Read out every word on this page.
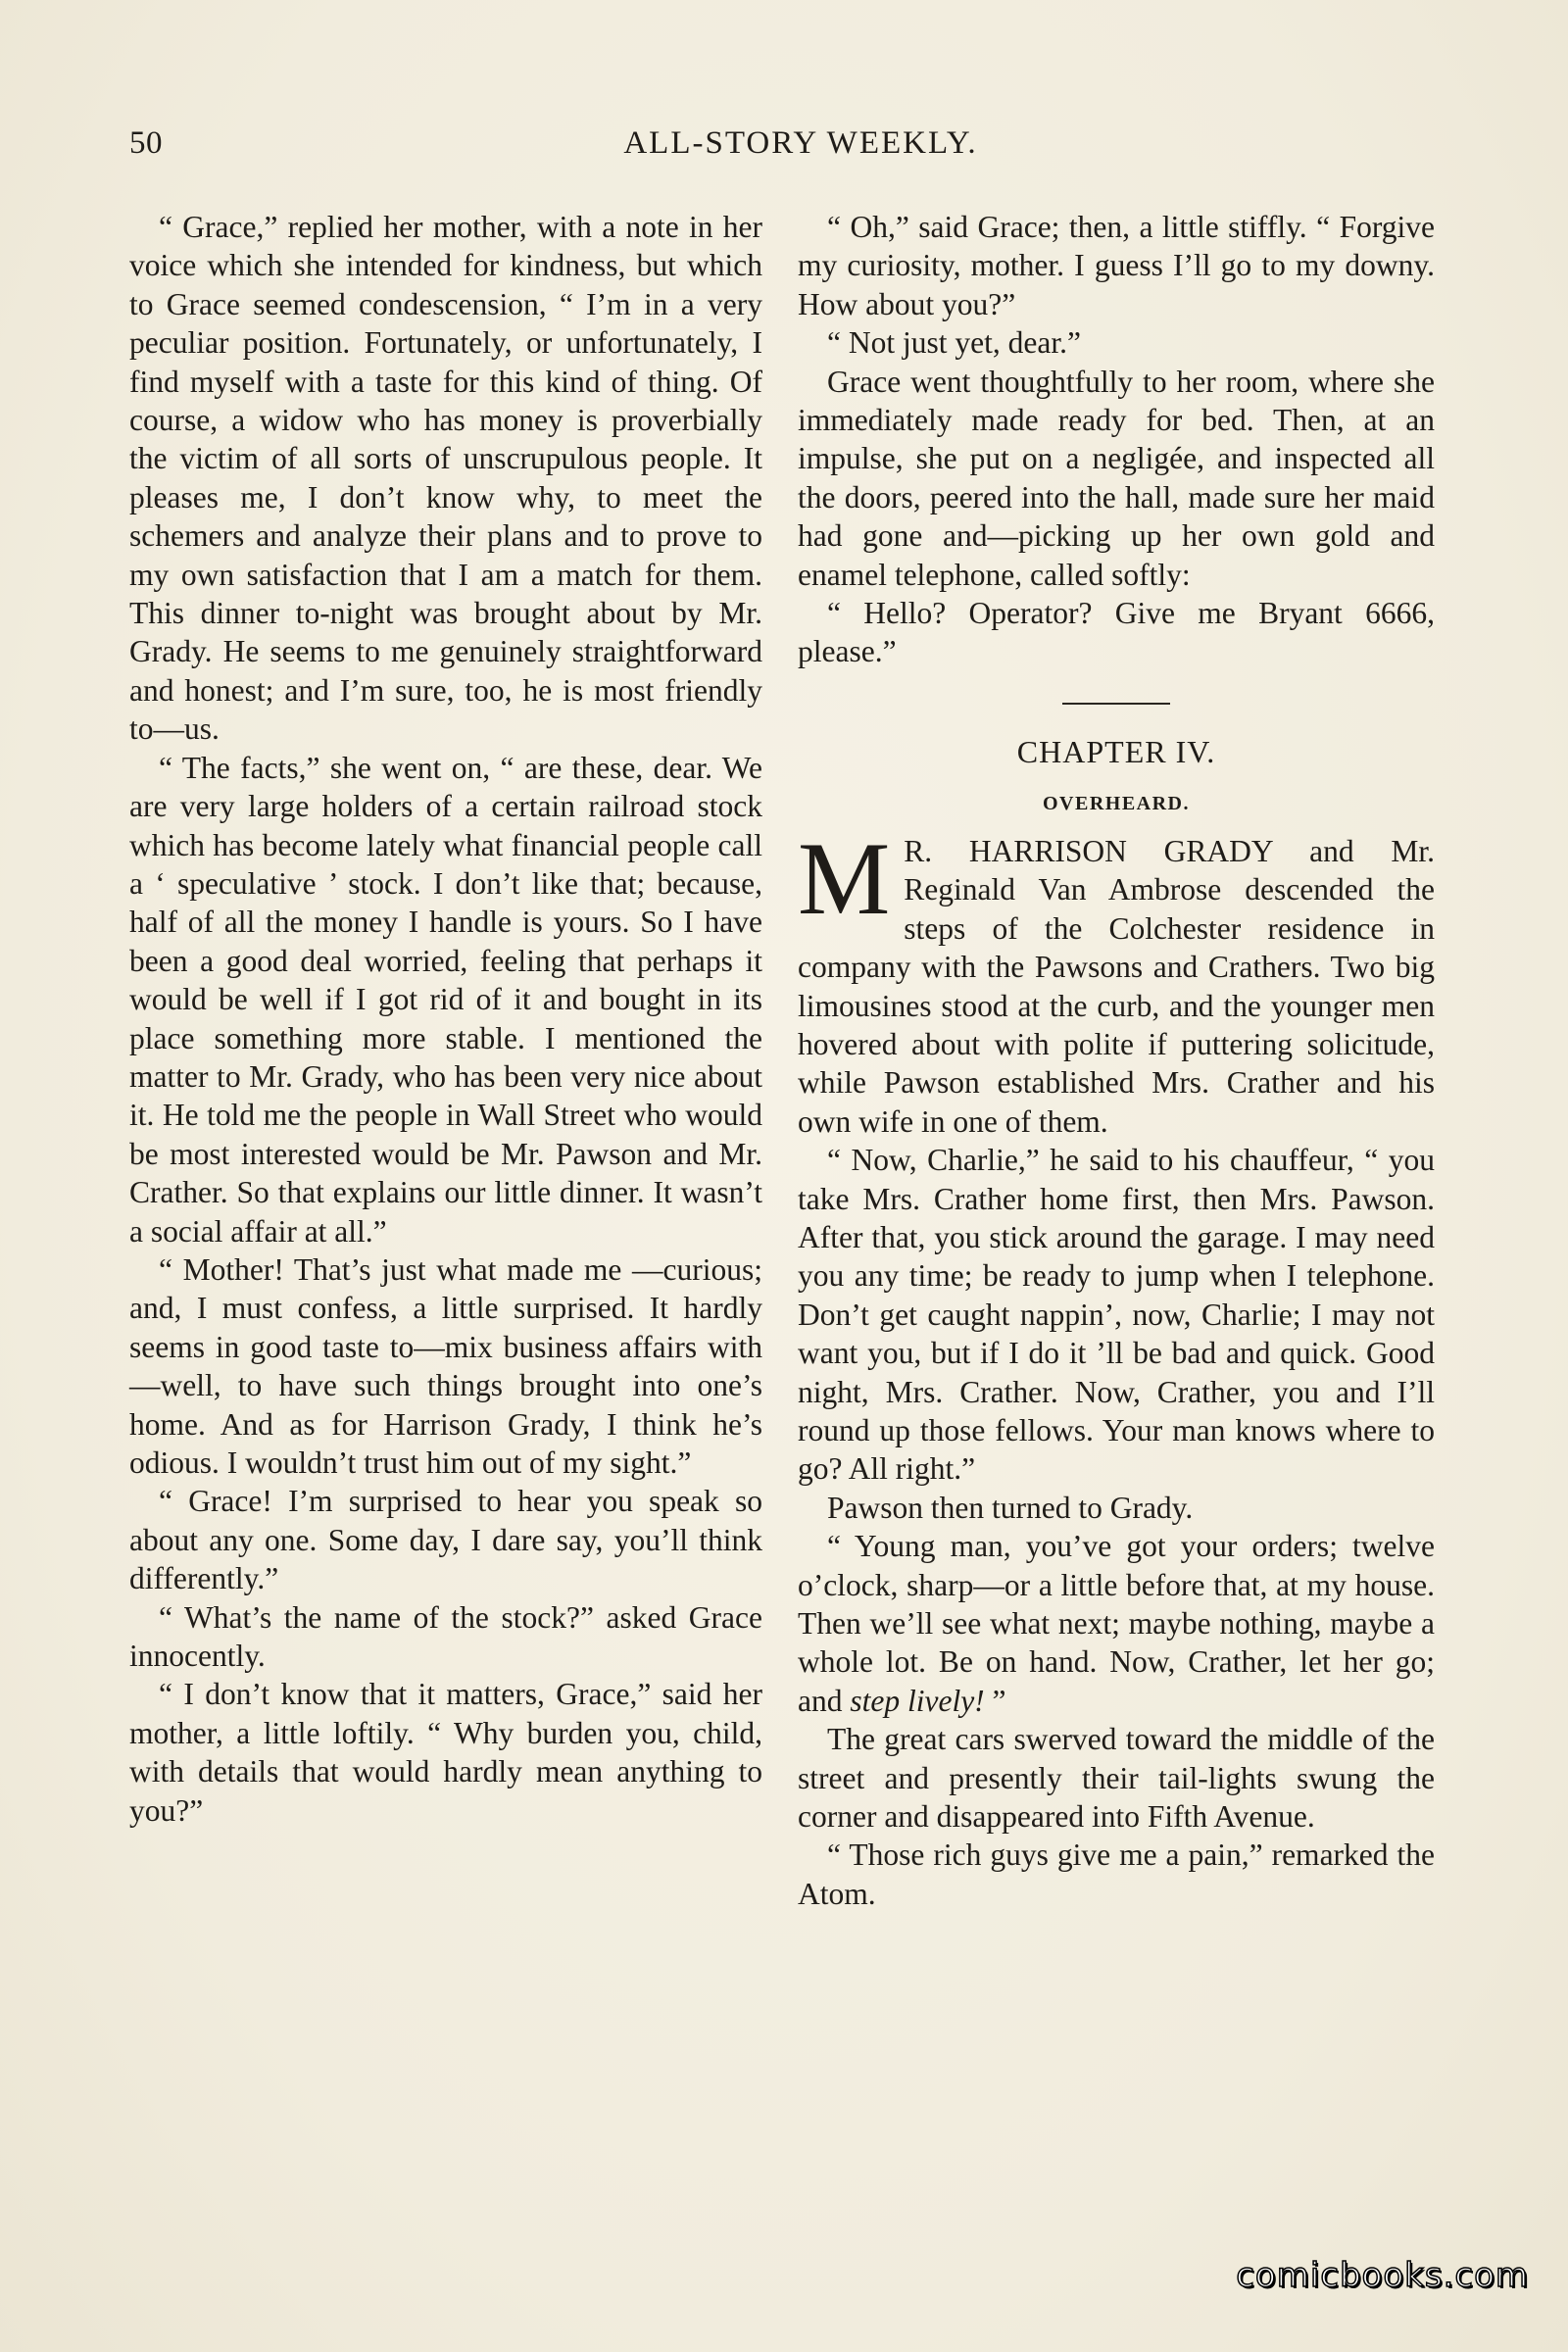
50	ALL-STORY WEEKLY.

“ Grace,” replied her mother, with a note in her voice which she intended for kindness, but which to Grace seemed condescension, “ I’m in a very peculiar position. Fortunately, or unfortunately, I find myself with a taste for this kind of thing. Of course, a widow who has money is proverbially the victim of all sorts of unscrupulous people. It pleases me, I don’t know why, to meet the schemers and analyze their plans and to prove to my own satisfaction that I am a match for them. This dinner to-night was brought about by Mr. Grady. He seems to me genuinely straightforward and honest; and I’m sure, too, he is most friendly to—us.

“ The facts,” she went on, “ are these, dear. We are very large holders of a certain railroad stock which has become lately what financial people call a ‘ speculative ’ stock. I don’t like that; because, half of all the money I handle is yours. So I have been a good deal worried, feeling that perhaps it would be well if I got rid of it and bought in its place something more stable. I mentioned the matter to Mr. Grady, who has been very nice about it. He told me the people in Wall Street who would be most interested would be Mr. Pawson and Mr. Crather. So that explains our little dinner. It wasn’t a social affair at all.”

“ Mother! That’s just what made me —curious; and, I must confess, a little surprised. It hardly seems in good taste to—mix business affairs with—well, to have such things brought into one’s home. And as for Harrison Grady, I think he’s odious. I wouldn’t trust him out of my sight.”

“ Grace! I’m surprised to hear you speak so about any one. Some day, I dare say, you’ll think differently.”

“ What’s the name of the stock?” asked Grace innocently.

“ I don’t know that it matters, Grace,” said her mother, a little loftily. “ Why burden you, child, with details that would hardly mean anything to you?”

“ Oh,” said Grace; then, a little stiffly. “ Forgive my curiosity, mother. I guess I’ll go to my downy. How about you?”

“ Not just yet, dear.”

Grace went thoughtfully to her room, where she immediately made ready for bed. Then, at an impulse, she put on a negligée, and inspected all the doors, peered into the hall, made sure her maid had gone and—picking up her own gold and enamel telephone, called softly:

“ Hello? Operator? Give me Bryant 6666, please.”

CHAPTER IV.
OVERHEARD.

M R. HARRISON GRADY and Mr. Reginald Van Ambrose descended the steps of the Colchester residence in company with the Pawsons and Crathers. Two big limousines stood at the curb, and the younger men hovered about with polite if puttering solicitude, while Pawson established Mrs. Crather and his own wife in one of them.

“ Now, Charlie,” he said to his chauffeur, “ you take Mrs. Crather home first, then Mrs. Pawson. After that, you stick around the garage. I may need you any time; be ready to jump when I telephone. Don’t get caught nappin’, now, Charlie; I may not want you, but if I do it ’ll be bad and quick. Good night, Mrs. Crather. Now, Crather, you and I’ll round up those fellows. Your man knows where to go? All right.”

Pawson then turned to Grady.

“ Young man, you’ve got your orders; twelve o’clock, sharp—or a little before that, at my house. Then we’ll see what next; maybe nothing, maybe a whole lot. Be on hand. Now, Crather, let her go; and step lively! ”

The great cars swerved toward the middle of the street and presently their tail-lights swung the corner and disappeared into Fifth Avenue.

“ Those rich guys give me a pain,” remarked the Atom.

comicbooks.com
